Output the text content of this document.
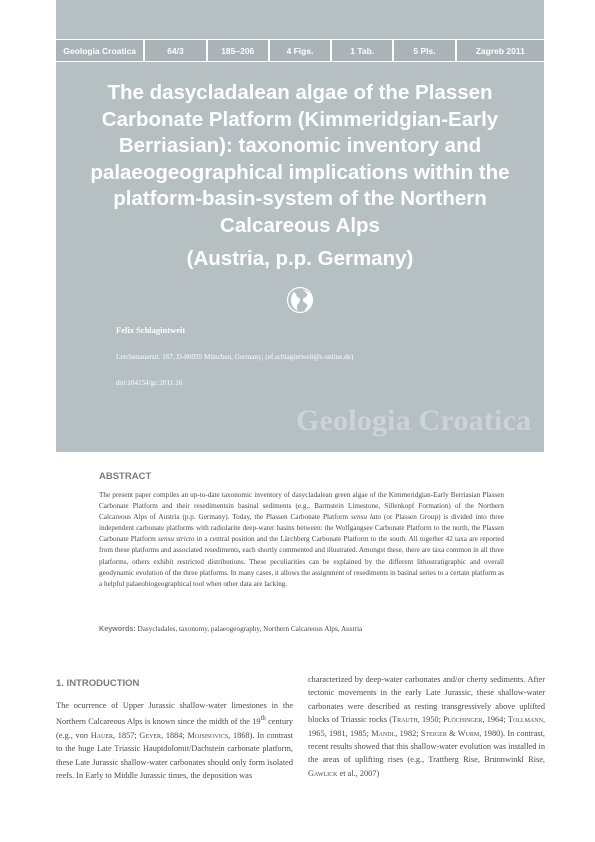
Geologia Croatica	64/3	185–206	4 Figs.	1 Tab.	5 Pls.	Zagreb 2011
The dasycladalean algae of the Plassen Carbonate Platform (Kimmeridgian-Early Berriasian): taxonomic inventory and palaeogeographical implications within the platform-basin-system of the Northern Calcareous Alps
(Austria, p.p. Germany)
Felix Schlagintweit
Lerchenauerstr. 167, D-80935 München, Germany; (ef.schlagintweit@t-online.de)
doi:104154/gc.2011.16
Geologia Croatica
ABSTRACT
The present paper compiles an up-to-date taxonomic inventory of dasycladalean green algae of the Kimmeridgian-Early Berriasian Plassen Carbonate Platform and their resedimentsin basinal sediments (e.g., Barmstein Limestone, Sillenkopf Formation) of the Northern Calcareous Alps of Austria (p.p. Germany). Today, the Plassen Carbonate Platform sensu lato (or Plassen Group) is divided into three independent carbonate platforms with radiolarite deep-water basins between: the Wolfgangsee Carbonate Platform to the north, the Plassen Carbonate Platform sensu stricto in a central position and the Lärchberg Carbonate Platform to the south. All together 42 taxa are reported from these platforms and associated resediments, each shortly commented and illustrated. Amongst these, there are taxa common in all three platforms, others exhibit restricted distributions. These peculiarities can be explained by the different lithostratigraphic and overall geodynamic evolution of the three platforms. In many cases, it allows the assignment of resediments in basinal series to a certain platform as a helpful palaeobiogeographical tool when other data are lacking.
Keywords: Dasycladales, taxonomy, palaeogeography, Northern Calcareous Alps, Austria
1. INTRODUCTION
The ocurrence of Upper Jurassic shallow-water limestones in the Northern Calcareous Alps is known since the midth of the 19th century (e.g., von Hauer, 1857; Geyer, 1884; Mojsisovics, 1868). In contrast to the huge Late Triassic Hauptdolomit/Dachstein carbonate platform, these Late Jurassic shallow-water carbonates should only form isolated reefs. In Early to Middle Jurassic times, the deposition was
characterized by deep-water carbonates and/or cherty sediments. After tectonic movements in the early Late Jurassic, these shallow-water carbonates were described as resting transgressively above uplifted blocks of Triassic rocks (Trauth, 1950; Plöchinger, 1964; Tollmann, 1965, 1981, 1985; Mandl, 1982; Steiger & Wurm, 1980). In contrast, recent results showed that this shallow-water evolution was installed in the areas of uplifting rises (e.g., Trattberg Rise, Brunnwinkl Rise, Gawlick et al., 2007)
